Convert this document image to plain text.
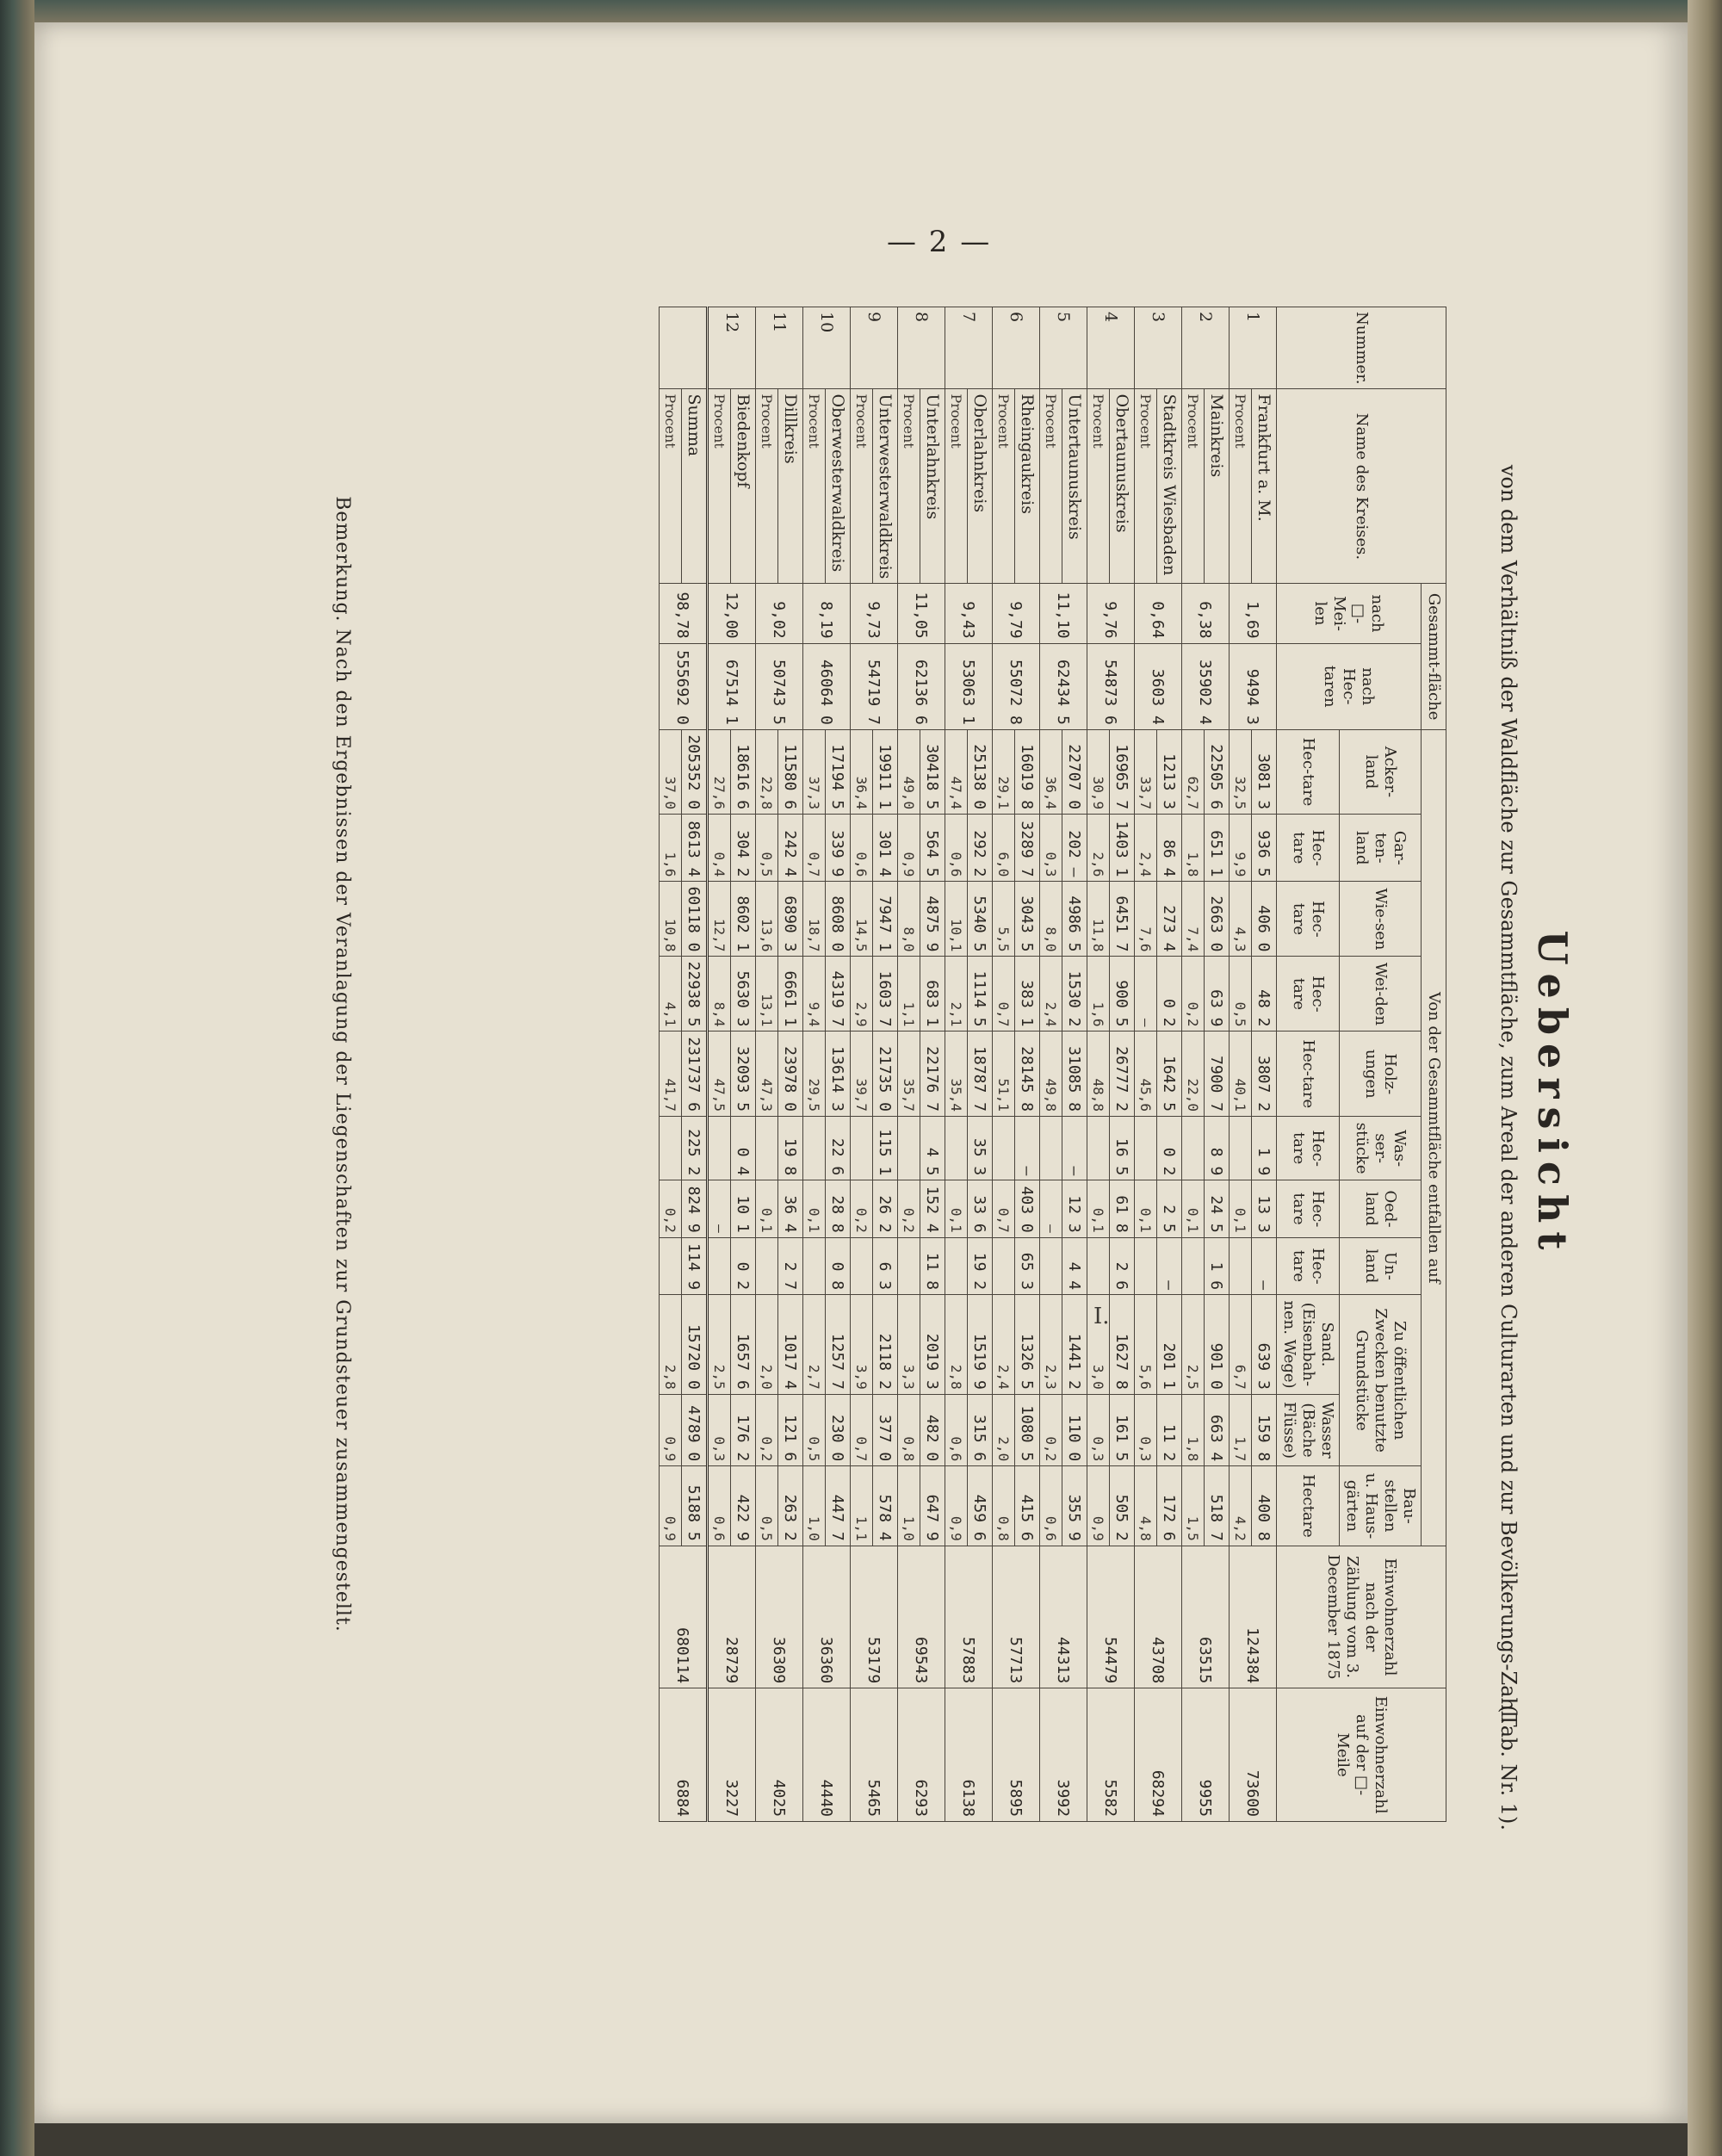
— 2 —
Uebersicht
von dem Verhältniß der Waldfläche zur Gesammtfläche, zum Areal der anderen Culturarten und zur Bevölkerungs-Zahl.
(Tab. Nr. 1).
Nummer.	Name des Kreises.	Gesammt-fläche		Von der Gesammtfläche entfallen auf											Einwohnerzahl nach der Zählung vom 3. December 1875	Einwohnerzahl auf der □-Meile
		nach □-Mei-len	nach Hec-taren	Acker-land	Gar-ten-land	Wie-sen	Wei-den	Holz-ungen	Was-ser-stücke	Oed-land	Un-land	Zu öffentlichen Zwecken benutzte Grundstücke		Bau-stellen u. Haus-gärten		
				Hec-tare	Hec-tare	Hec-tare	Hec-tare	Hec-tare	Hec-tare	Hec-tare	Hec-tare	Sand. (Eisenbah-nen. Wege)	Wasser (Bäche Flüsse)	Hectare		
1	Frankfurt a. M.	1,69	9494 3	3081 3	936 5	406 0	48 2	3807 2	1 9	13 3	—	639 3	159 8	400 8	124384	73600
	Procent			32,5	9,9	4,3	0,5	40,1		0,1		6,7	1,7	4,2		
2	Mainkreis	6,38	35902 4	22505 6	651 1	2663 0	63 9	7900 7	8 9	24 5	1 6	901 0	663 4	518 7	63515	9955
	Procent			62,7	1,8	7,4	0,2	22,0		0,1		2,5	1,8	1,5		
3	Stadtkreis Wiesbaden	0,64	3603 4	1213 3	86 4	273 4	0 2	1642 5	0 2	2 5	—	201 1	11 2	172 6	43708	68294
	Procent			33,7	2,4	7,6	—	45,6		0,1		5,6	0,3	4,8		
4	Obertaunuskreis	9,76	54873 6	16965 7	1403 1	6451 7	900 5	26777 2	16 5	61 8	2 6	1627 8	161 5	505 2	54479	5582
	Procent			30,9	2,6	11,8	1,6	48,8		0,1		3,0	0,3	0,9		
5	Untertaunuskreis	11,10	62434 5	22707 0	202 —	4986 5	1530 2	31085 8	—	12 3	4 4	1441 2	110 0	355 9	44313	3992
	Procent			36,4	0,3	8,0	2,4	49,8		—		2,3	0,2	0,6		
6	Rheingaukreis	9,79	55072 8	16019 8	3289 7	3043 5	383 1	28145 8	—	403 0	65 3	1326 5	1080 5	415 6	57713	5895
	Procent			29,1	6,0	5,5	0,7	51,1		0,7		2,4	2,0	0,8		
7	Oberlahnkreis	9,43	53063 1	25138 0	292 2	5340 5	1114 5	18787 7	35 3	33 6	19 2	1519 9	315 6	459 6	57883	6138
	Procent			47,4	0,6	10,1	2,1	35,4		0,1		2,8	0,6	0,9		
8	Unterlahnkreis	11,05	62136 6	30418 5	564 5	4875 9	683 1	22176 7	4 5	152 4	11 8	2019 3	482 0	647 9	69543	6293
	Procent			49,0	0,9	8,0	1,1	35,7		0,2		3,3	0,8	1,0		
9	Unterwesterwaldkreis	9,73	54719 7	19911 1	301 4	7947 1	1603 7	21735 0	115 1	26 2	6 3	2118 2	377 0	578 4	53179	5465
	Procent			36,4	0,6	14,5	2,9	39,7		0,2		3,9	0,7	1,1		
10	Oberwesterwaldkreis	8,19	46064 0	17194 5	339 9	8608 0	4319 7	13614 3	22 6	28 8	0 8	1257 7	230 0	447 7	36360	4440
	Procent			37,3	0,7	18,7	9,4	29,5		0,1		2,7	0,5	1,0		
11	Dillkreis	9,02	50743 5	11580 6	242 4	6890 3	6661 1	23978 0	19 8	36 4	2 7	1017 4	121 6	263 2	36309	4025
	Procent			22,8	0,5	13,6	13,1	47,3		0,1		2,0	0,2	0,5		
12	Biedenkopf	12,00	67514 1	18616 6	304 2	8602 1	5630 3	32093 5	0 4	10 1	0 2	1657 6	176 2	422 9	28729	3227
	Procent			27,6	0,4	12,7	8,4	47,5		—		2,5	0,3	0,6		
	Summa	98,78	555692 0	205352 0	8613 4	60118 0	22938 5	231737 6	225 2	824 9	114 9	15720 0	4789 0	5188 5	680114	6884
	Procent			37,0	1,6	10,8	4,1	41,7		0,2		2,8	0,9	0,9		
Bemerkung. Nach den Ergebnissen der Veranlagung der Liegenschaften zur Grundsteuer zusammengestellt.	I.
